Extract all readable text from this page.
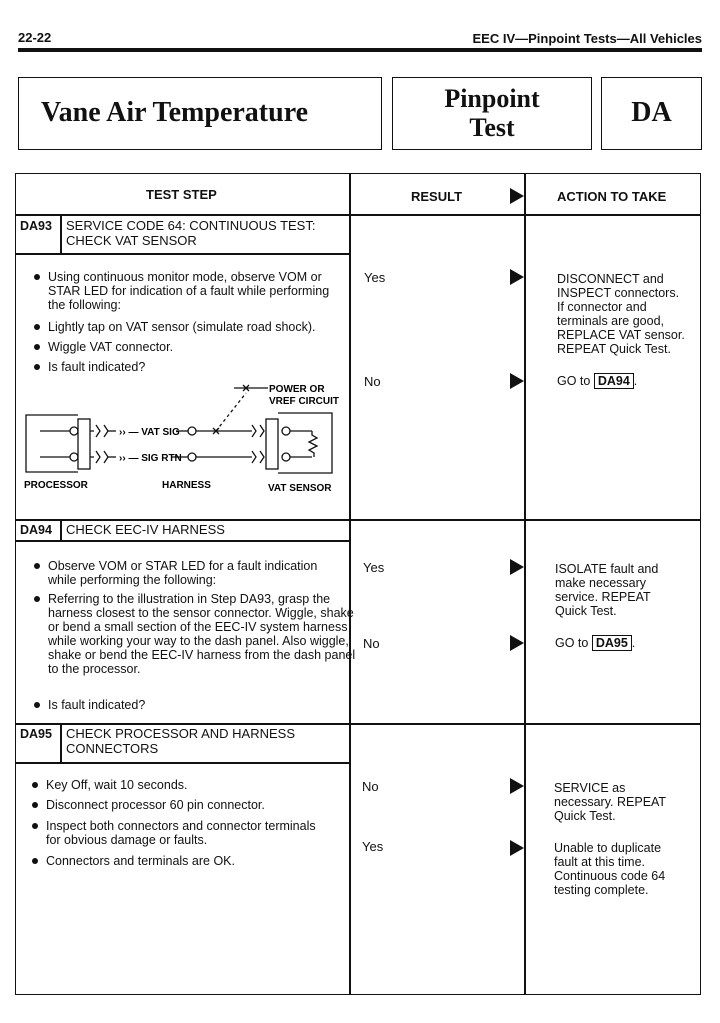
22-22	EEC IV—Pinpoint Tests—All Vehicles
Vane Air Temperature	Pinpoint
Test	DA
TEST STEP	RESULT	ACTION TO TAKE
DA93 SERVICE CODE 64: CONTINUOUS TEST:
CHECK VAT SENSOR
Using continuous monitor mode, observe VOM or STAR LED for indication of a fault while performing the following:
Lightly tap on VAT sensor (simulate road shock).
Wiggle VAT connector.
Is fault indicated?
POWER OR
VREF CIRCUIT
›› — VAT SIG
›› — SIG RTN
PROCESSOR	HARNESS	VAT SENSOR
Yes	DISCONNECT and
INSPECT connectors.
If connector and
terminals are good,
REPLACE VAT sensor.
REPEAT Quick Test.
No	GO to DA94 .
DA94 CHECK EEC-IV HARNESS
Observe VOM or STAR LED for a fault indication while performing the following:
Referring to the illustration in Step DA93, grasp the harness closest to the sensor connector. Wiggle, shake or bend a small section of the EEC-IV system harness while working your way to the dash panel. Also wiggle, shake or bend the EEC-IV harness from the dash panel to the processor.
Is fault indicated?
Yes	ISOLATE fault and
make necessary
service. REPEAT
Quick Test.
No	GO to DA95 .
DA95 CHECK PROCESSOR AND HARNESS
CONNECTORS
Key Off, wait 10 seconds.
Disconnect processor 60 pin connector.
Inspect both connectors and connector terminals for obvious damage or faults.
Connectors and terminals are OK.
No	SERVICE as
necessary. REPEAT
Quick Test.
Yes	Unable to duplicate
fault at this time.
Continuous code 64
testing complete.
